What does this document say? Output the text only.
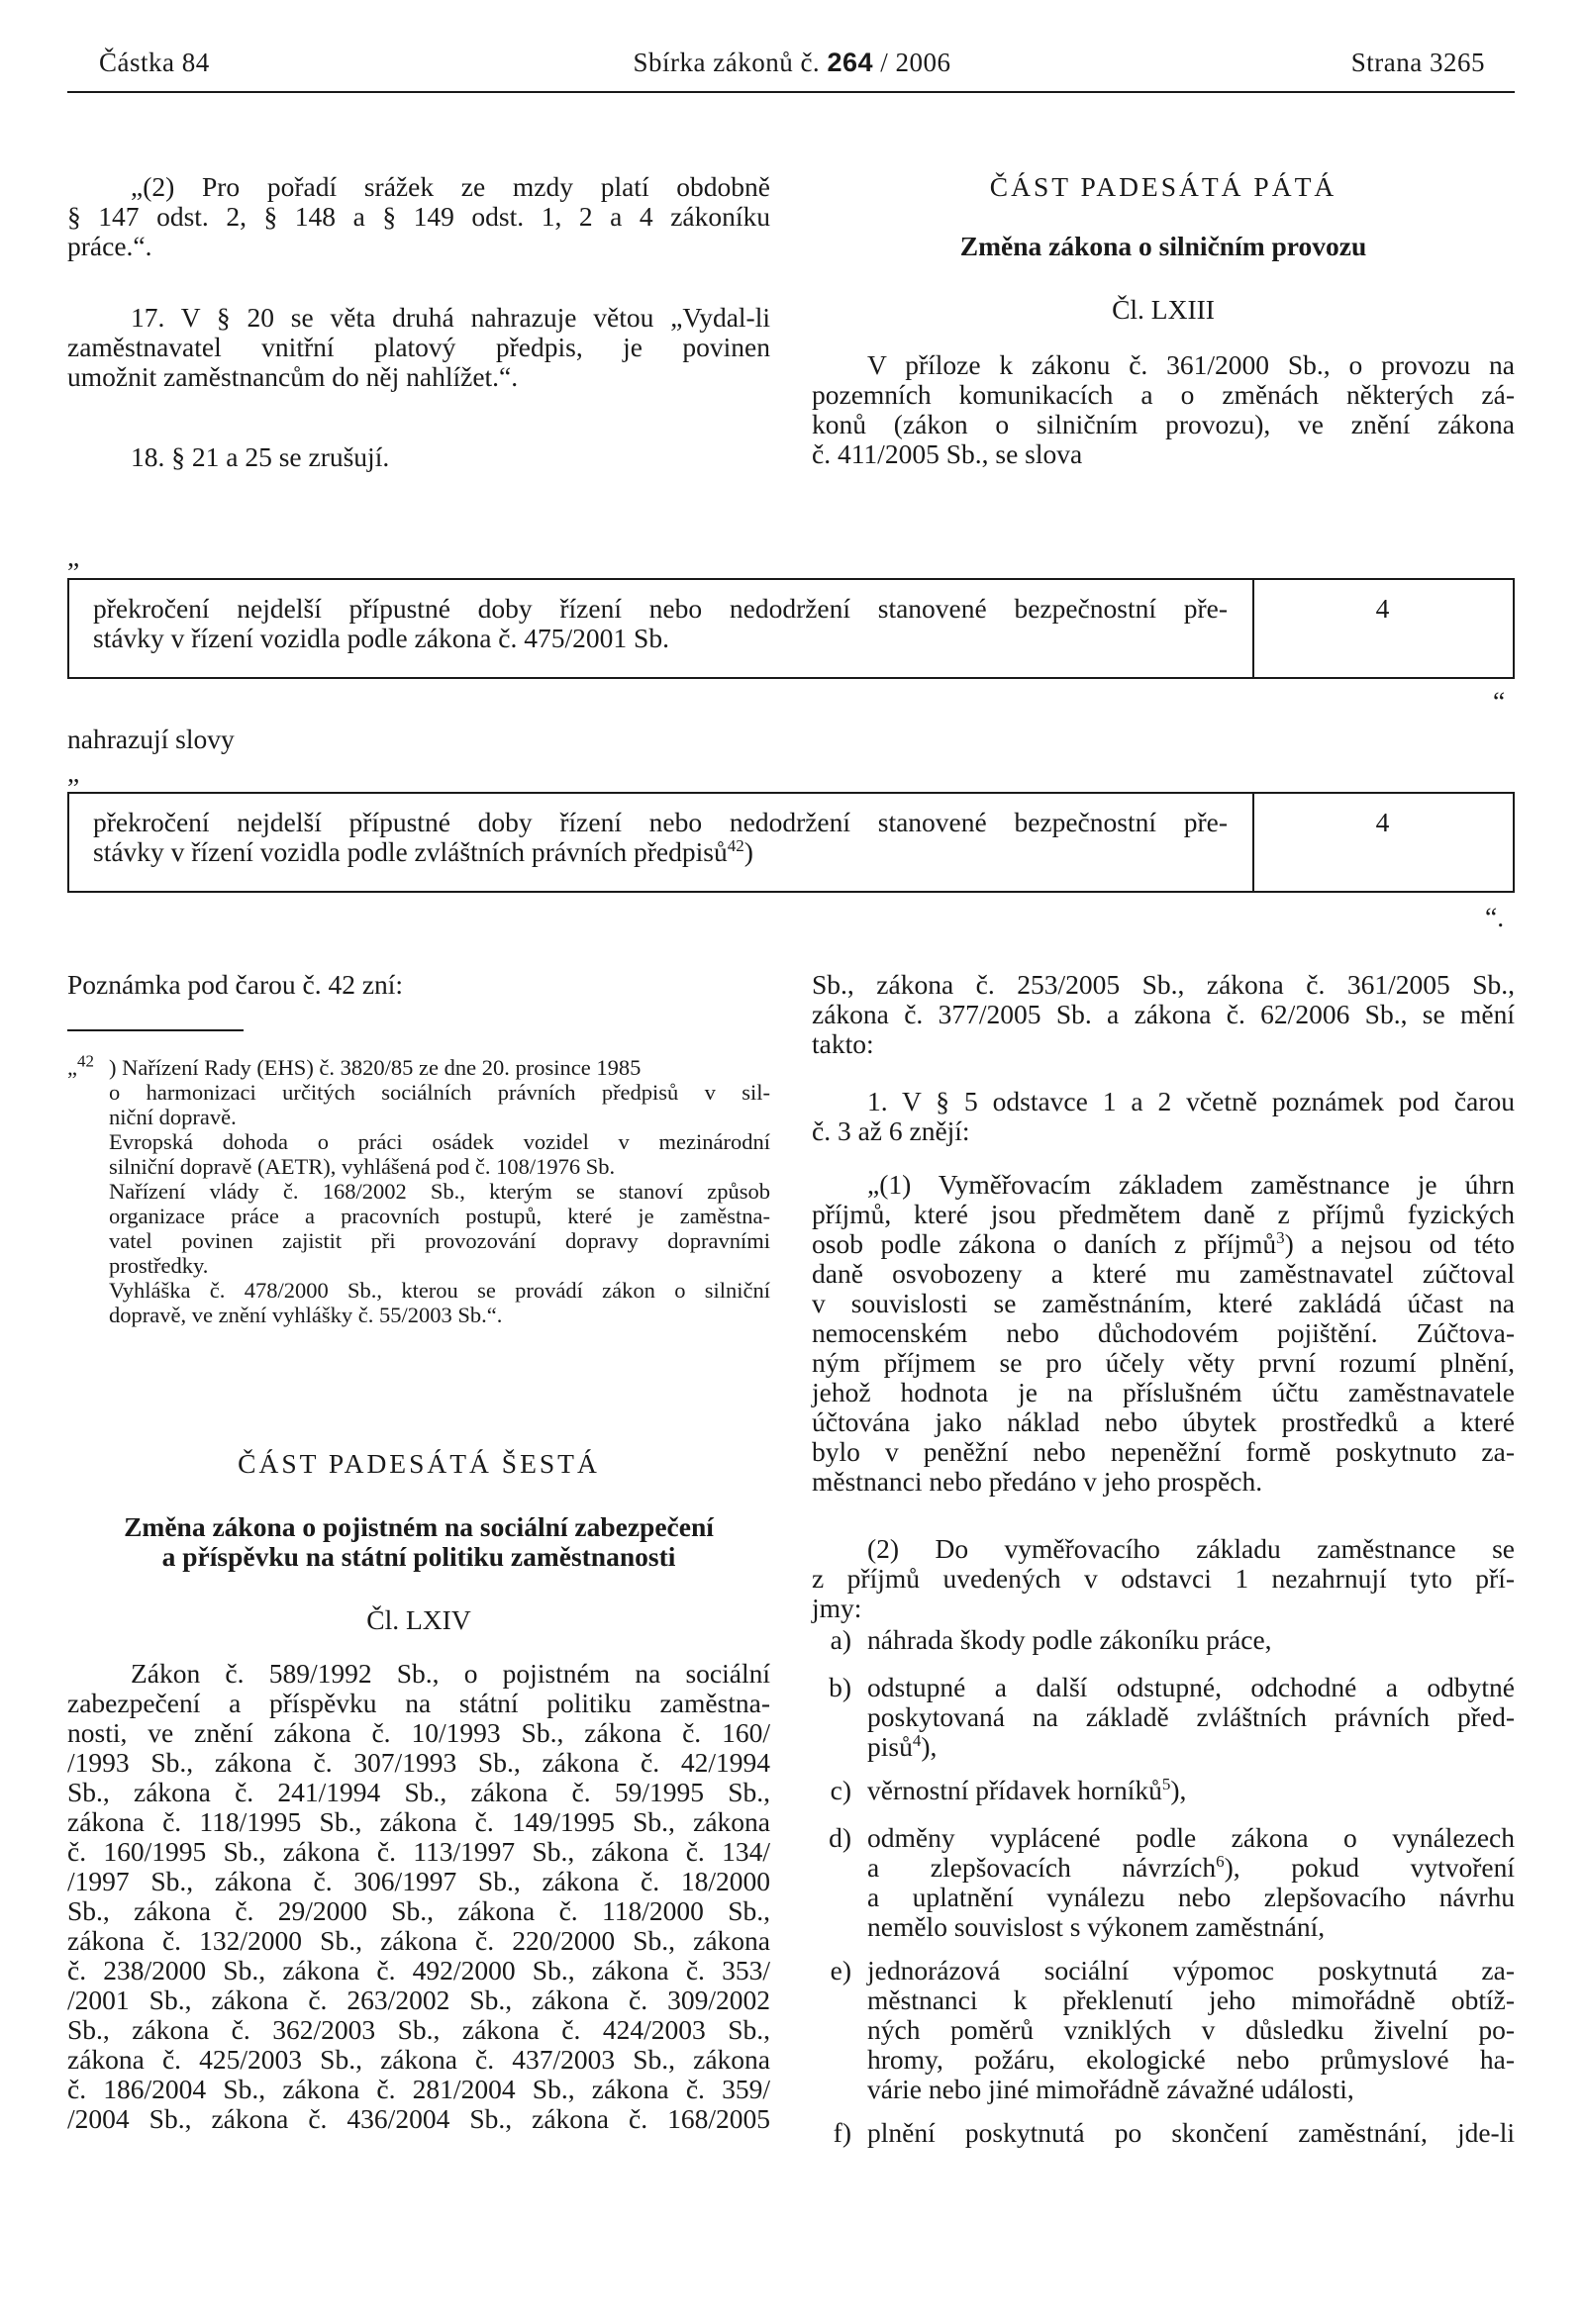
Částka 84	Sbírka zákonů č. 264 / 2006	Strana 3265
„(2) Pro pořadí srážek ze mzdy platí obdobně
§ 147 odst. 2, § 148 a § 149 odst. 1, 2 a 4 zákoníku
práce.“.
17. V § 20 se věta druhá nahrazuje větou „Vydal-li
zaměstnavatel vnitřní platový předpis, je povinen
umožnit zaměstnancům do něj nahlížet.“.
18. § 21 a 25 se zrušují.
ČÁST PADESÁTÁ PÁTÁ
Změna zákona o silničním provozu
Čl. LXIII
V příloze k zákonu č. 361/2000 Sb., o provozu na
pozemních komunikacích a o změnách některých zá-
konů (zákon o silničním provozu), ve znění zákona
č. 411/2005 Sb., se slova
„
překročení nejdelší přípustné doby řízení nebo nedodržení stanovené bezpečnostní pře-
stávky v řízení vozidla podle zákona č. 475/2001 Sb.
4
“
nahrazují slovy
„
překročení nejdelší přípustné doby řízení nebo nedodržení stanovené bezpečnostní pře-
stávky v řízení vozidla podle zvláštních právních předpisů$^{42}$)
4
“.
Poznámka pod čarou č. 42 zní:
„$^{42}$ ) Nařízení Rady (EHS) č. 3820/85 ze dne 20. prosince 1985
o harmonizaci určitých sociálních právních předpisů v sil-
niční dopravě.
Evropská dohoda o práci osádek vozidel v mezinárodní
silniční dopravě (AETR), vyhlášená pod č. 108/1976 Sb.
Nařízení vlády č. 168/2002 Sb., kterým se stanoví způsob
organizace práce a pracovních postupů, které je zaměstna-
vatel povinen zajistit při provozování dopravy dopravními
prostředky.
Vyhláška č. 478/2000 Sb., kterou se provádí zákon o silniční
dopravě, ve znění vyhlášky č. 55/2003 Sb.“.
ČÁST PADESÁTÁ ŠESTÁ
Změna zákona o pojistném na sociální zabezpečení
a příspěvku na státní politiku zaměstnanosti
Čl. LXIV
Zákon č. 589/1992 Sb., o pojistném na sociální
zabezpečení a příspěvku na státní politiku zaměstna-
nosti, ve znění zákona č. 10/1993 Sb., zákona č. 160/
/1993 Sb., zákona č. 307/1993 Sb., zákona č. 42/1994
Sb., zákona č. 241/1994 Sb., zákona č. 59/1995 Sb.,
zákona č. 118/1995 Sb., zákona č. 149/1995 Sb., zákona
č. 160/1995 Sb., zákona č. 113/1997 Sb., zákona č. 134/
/1997 Sb., zákona č. 306/1997 Sb., zákona č. 18/2000
Sb., zákona č. 29/2000 Sb., zákona č. 118/2000 Sb.,
zákona č. 132/2000 Sb., zákona č. 220/2000 Sb., zákona
č. 238/2000 Sb., zákona č. 492/2000 Sb., zákona č. 353/
/2001 Sb., zákona č. 263/2002 Sb., zákona č. 309/2002
Sb., zákona č. 362/2003 Sb., zákona č. 424/2003 Sb.,
zákona č. 425/2003 Sb., zákona č. 437/2003 Sb., zákona
č. 186/2004 Sb., zákona č. 281/2004 Sb., zákona č. 359/
/2004 Sb., zákona č. 436/2004 Sb., zákona č. 168/2005
Sb., zákona č. 253/2005 Sb., zákona č. 361/2005 Sb.,
zákona č. 377/2005 Sb. a zákona č. 62/2006 Sb., se mění
takto:
1. V § 5 odstavce 1 a 2 včetně poznámek pod čarou
č. 3 až 6 znějí:
„(1) Vyměřovacím základem zaměstnance je úhrn
příjmů, které jsou předmětem daně z příjmů fyzických
osob podle zákona o daních z příjmů$^3$) a nejsou od této
daně osvobozeny a které mu zaměstnavatel zúčtoval
v souvislosti se zaměstnáním, které zakládá účast na
nemocenském nebo důchodovém pojištění. Zúčtova-
ným příjmem se pro účely věty první rozumí plnění,
jehož hodnota je na příslušném účtu zaměstnavatele
účtována jako náklad nebo úbytek prostředků a které
bylo v peněžní nebo nepeněžní formě poskytnuto za-
městnanci nebo předáno v jeho prospěch.
(2) Do vyměřovacího základu zaměstnance se
z příjmů uvedených v odstavci 1 nezahrnují tyto pří-
jmy:
a) náhrada škody podle zákoníku práce,
b) odstupné a další odstupné, odchodné a odbytné
poskytovaná na základě zvláštních právních před-
pisů$^4$),
c) věrnostní přídavek horníků$^5$),
d) odměny vyplácené podle zákona o vynálezech
a zlepšovacích návrzích$^6$), pokud vytvoření
a uplatnění vynálezu nebo zlepšovacího návrhu
nemělo souvislost s výkonem zaměstnání,
e) jednorázová sociální výpomoc poskytnutá za-
městnanci k překlenutí jeho mimořádně obtíž-
ných poměrů vzniklých v důsledku živelní po-
hromy, požáru, ekologické nebo průmyslové ha-
várie nebo jiné mimořádně závažné události,
f) plnění poskytnutá po skončení zaměstnání, jde-li
